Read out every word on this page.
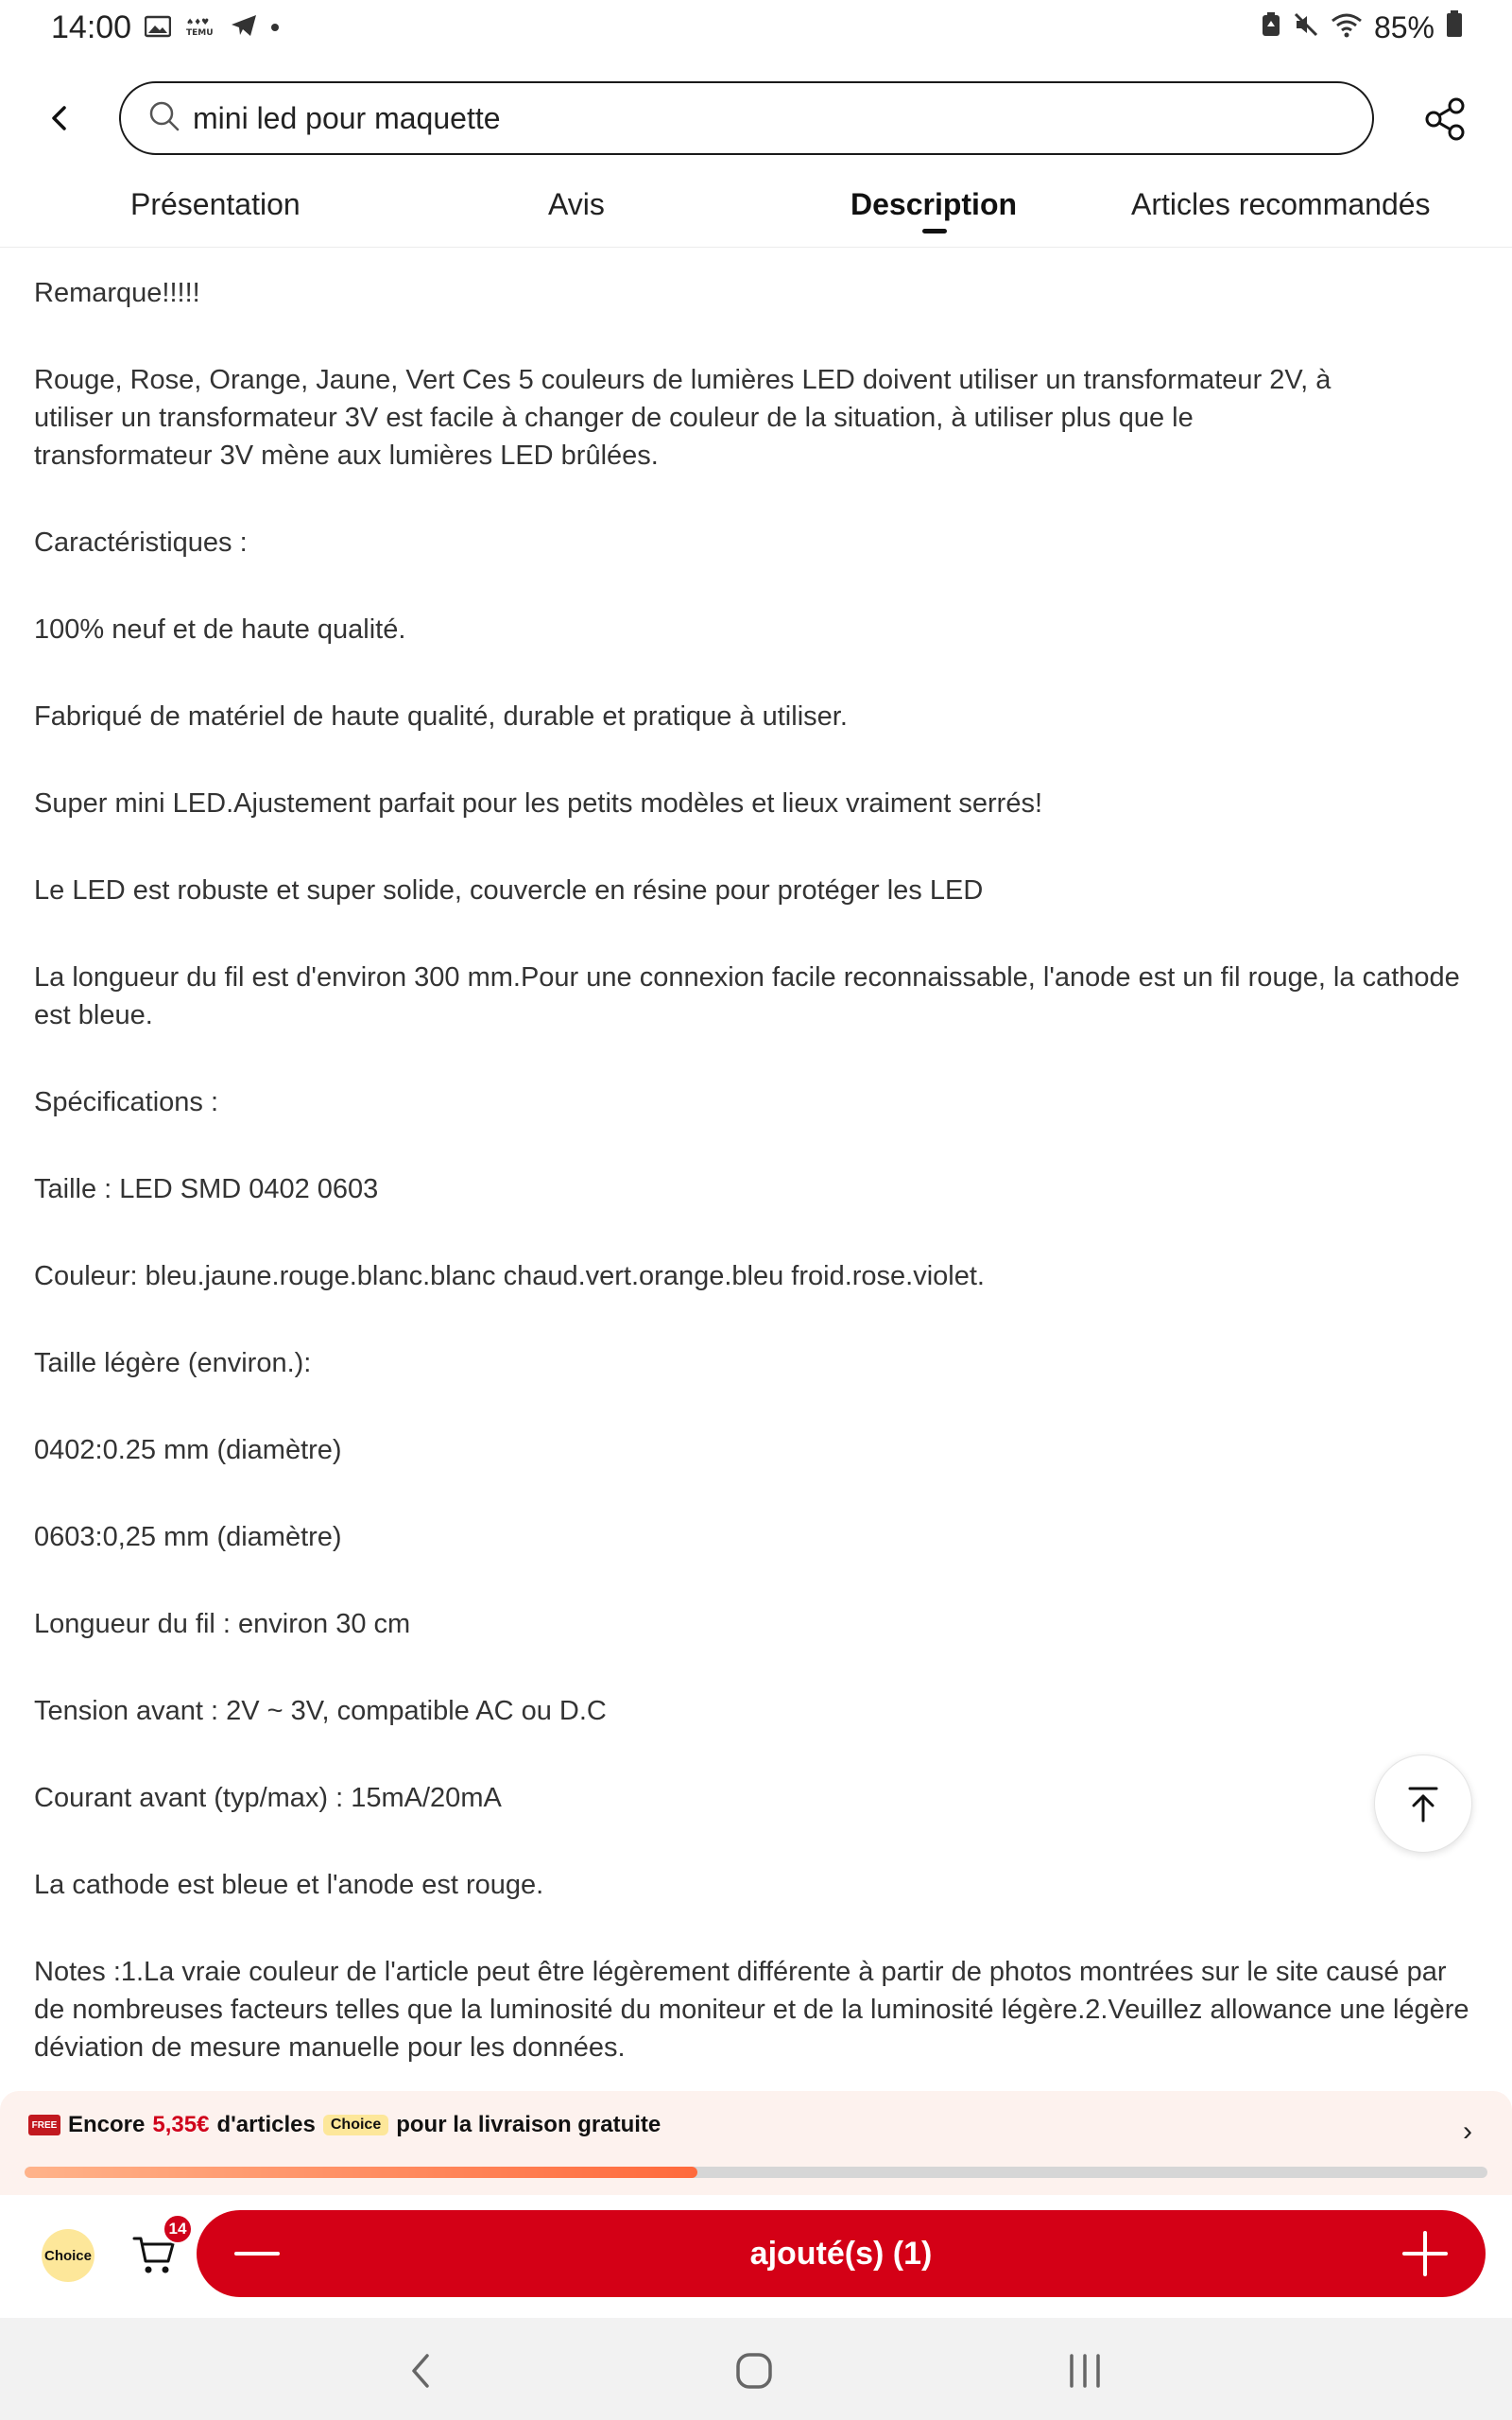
14:00	♠♦♥
TEMU	85%
mini led pour maquette
Présentation	Avis	Description	Articles recommandés

Remarque!!!!!

Rouge, Rose, Orange, Jaune, Vert Ces 5 couleurs de lumières LED doivent utiliser un transformateur 2V, à utiliser un transformateur 3V est facile à changer de couleur de la situation, à utiliser plus que le transformateur 3V mène aux lumières LED brûlées.

Caractéristiques :

100% neuf et de haute qualité.

Fabriqué de matériel de haute qualité, durable et pratique à utiliser.

Super mini LED.Ajustement parfait pour les petits modèles et lieux vraiment serrés!

Le LED est robuste et super solide, couvercle en résine pour protéger les LED

La longueur du fil est d'environ 300 mm.Pour une connexion facile reconnaissable, l'anode est un fil rouge, la cathode est bleue.

Spécifications :

Taille : LED SMD 0402 0603

Couleur: bleu.jaune.rouge.blanc.blanc chaud.vert.orange.bleu froid.rose.violet.

Taille légère (environ.):

0402:0.25 mm (diamètre)

0603:0,25 mm (diamètre)

Longueur du fil : environ 30 cm

Tension avant : 2V ~ 3V, compatible AC ou D.C

Courant avant (typ/max) : 15mA/20mA

La cathode est bleue et l'anode est rouge.

Notes :1.La vraie couleur de l'article peut être légèrement différente à partir de photos montrées sur le site causé par de nombreuses facteurs telles que la luminosité du moniteur et de la luminosité légère.2.Veuillez allowance une légère déviation de mesure manuelle pour les données.

FREE Encore 5,35€ d'articles	Choice pour la livraison gratuite	›
Choice
14
ajouté(s) (1)
